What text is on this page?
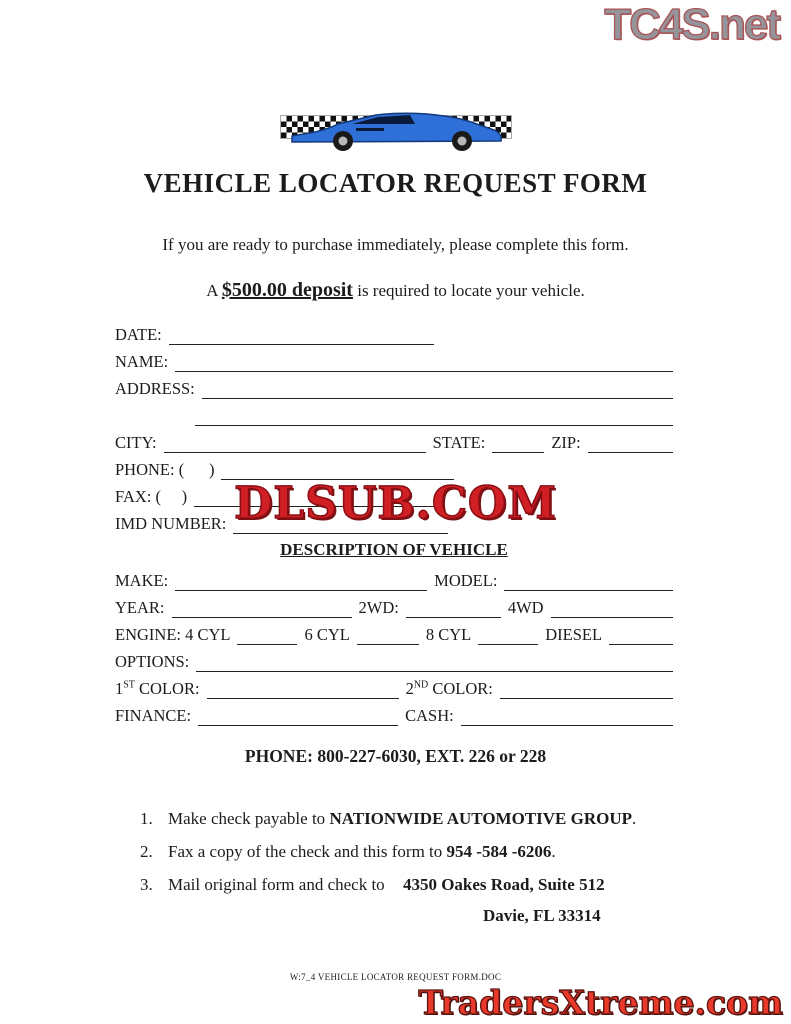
TC4S.net
VEHICLE LOCATOR REQUEST FORM

If you are ready to purchase immediately, please complete this form.

A $500.00 deposit is required to locate your vehicle.

DATE:
NAME:
ADDRESS:
CITY:	STATE:	ZIP:
PHONE: (      )
FAX: (     )
IMD NUMBER:
DESCRIPTION OF VEHICLE
MAKE:	MODEL:
YEAR:	2WD:	4WD
ENGINE: 4 CYL	6 CYL	8 CYL	DIESEL
OPTIONS:
1ST COLOR:	2ND COLOR:
FINANCE:	CASH:
PHONE: 800-227-6030, EXT. 226 or 228
1. Make check payable to NATIONWIDE AUTOMOTIVE GROUP.
2. Fax a copy of the check and this form to 954 -584 -6206.
3. Mail original form and check to 4350 Oakes Road, Suite 512
Davie, FL 33314
W:7_4 VEHICLE LOCATOR REQUEST FORM.DOC
DLSUB.COM
TradersXtreme.com
